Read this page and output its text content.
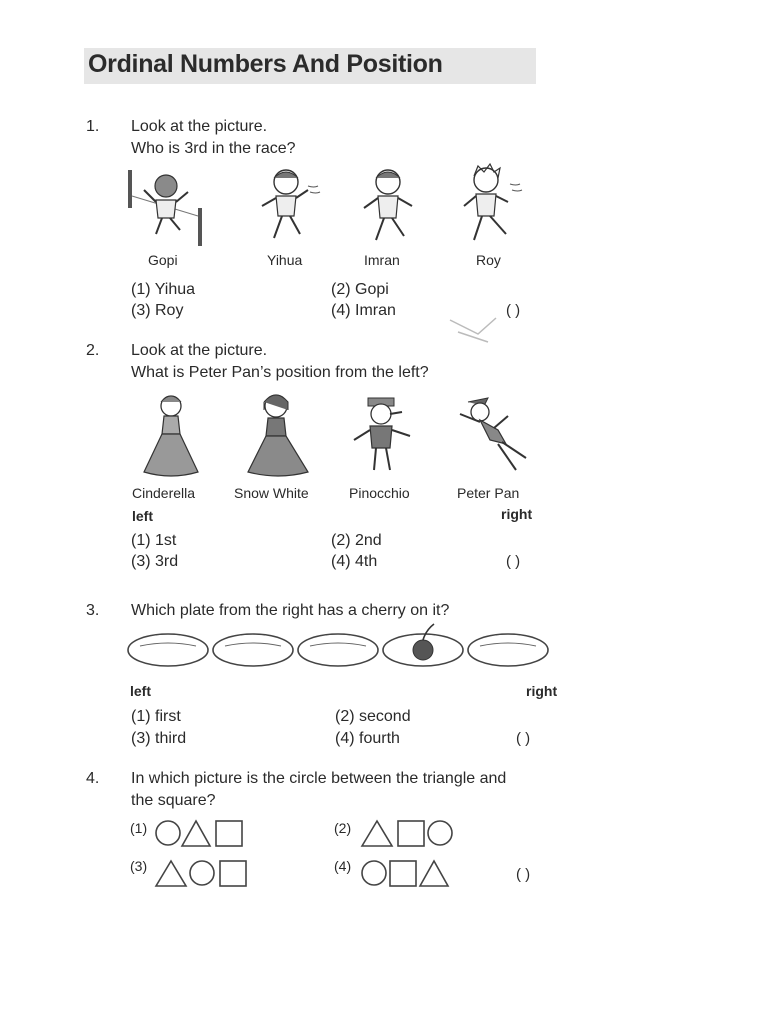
Ordinal Numbers And Position
1. Look at the picture.
Who is 3rd in the race?
Gopi	Yihua	Imran	Roy
(1) Yihua	(2) Gopi
(3) Roy	(4) Imran	( )
2. Look at the picture.
What is Peter Pan’s position from the left?
Cinderella	Snow White	Pinocchio	Peter Pan
left	right
(1) 1st	(2) 2nd
(3) 3rd	(4) 4th	( )
3. Which plate from the right has a cherry on it?
left	right
(1) first	(2) second
(3) third	(4) fourth	( )
4. In which picture is the circle between the triangle and
the square?
(1)	(2)
(3)	(4)	( )
